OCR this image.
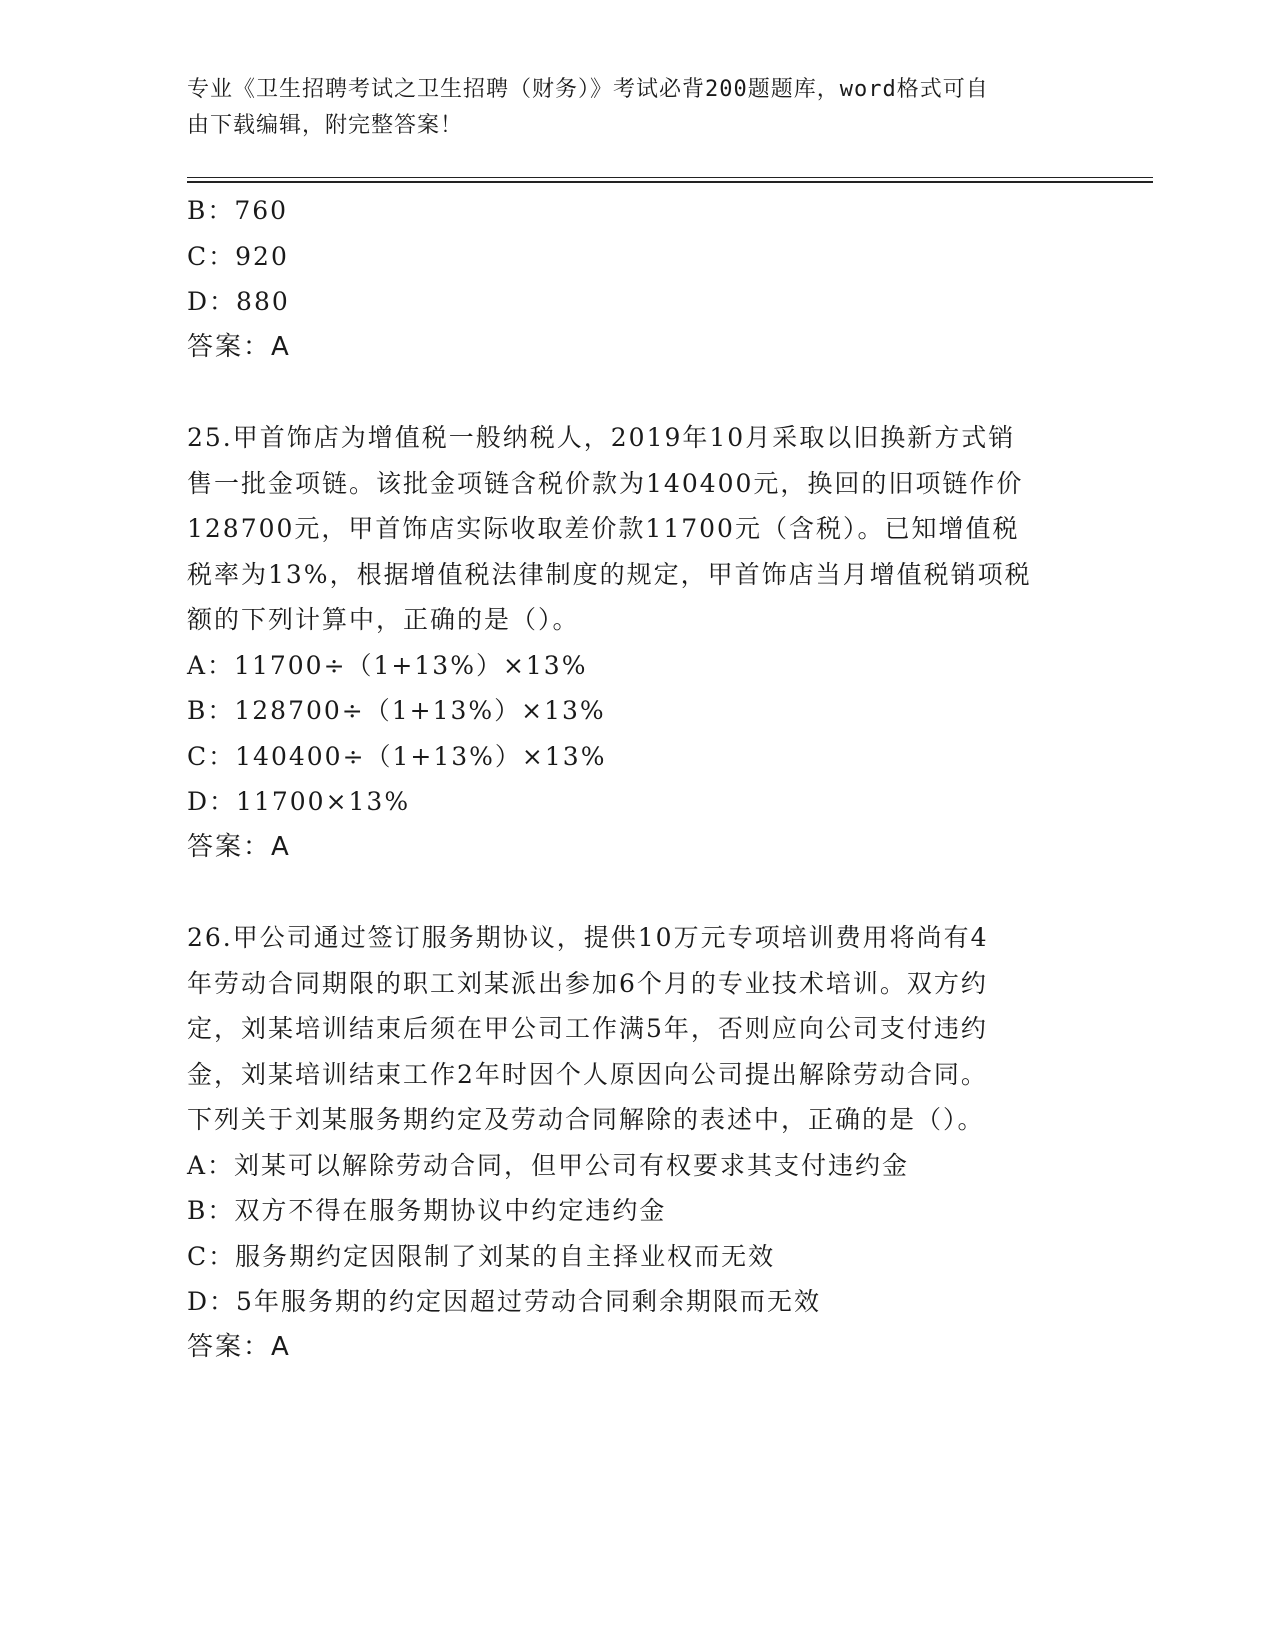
专业《卫生招聘考试之卫生招聘（财务）》考试必背200题题库，word格式可自
由下载编辑，附完整答案！
B：760
C：920
D：880
答案：A
25.甲首饰店为增值税一般纳税人，2019年10月采取以旧换新方式销
售一批金项链。该批金项链含税价款为140400元，换回的旧项链作价
128700元，甲首饰店实际收取差价款11700元（含税）。已知增值税
税率为13%，根据增值税法律制度的规定，甲首饰店当月增值税销项税
额的下列计算中，正确的是（）。
A：11700÷（1+13%）×13%
B：128700÷（1+13%）×13%
C：140400÷（1+13%）×13%
D：11700×13%
答案：A
26.甲公司通过签订服务期协议，提供10万元专项培训费用将尚有4
年劳动合同期限的职工刘某派出参加6个月的专业技术培训。双方约
定，刘某培训结束后须在甲公司工作满5年，否则应向公司支付违约
金，刘某培训结束工作2年时因个人原因向公司提出解除劳动合同。
下列关于刘某服务期约定及劳动合同解除的表述中，正确的是（）。
A：刘某可以解除劳动合同，但甲公司有权要求其支付违约金
B：双方不得在服务期协议中约定违约金
C：服务期约定因限制了刘某的自主择业权而无效
D：5年服务期的约定因超过劳动合同剩余期限而无效
答案：A
